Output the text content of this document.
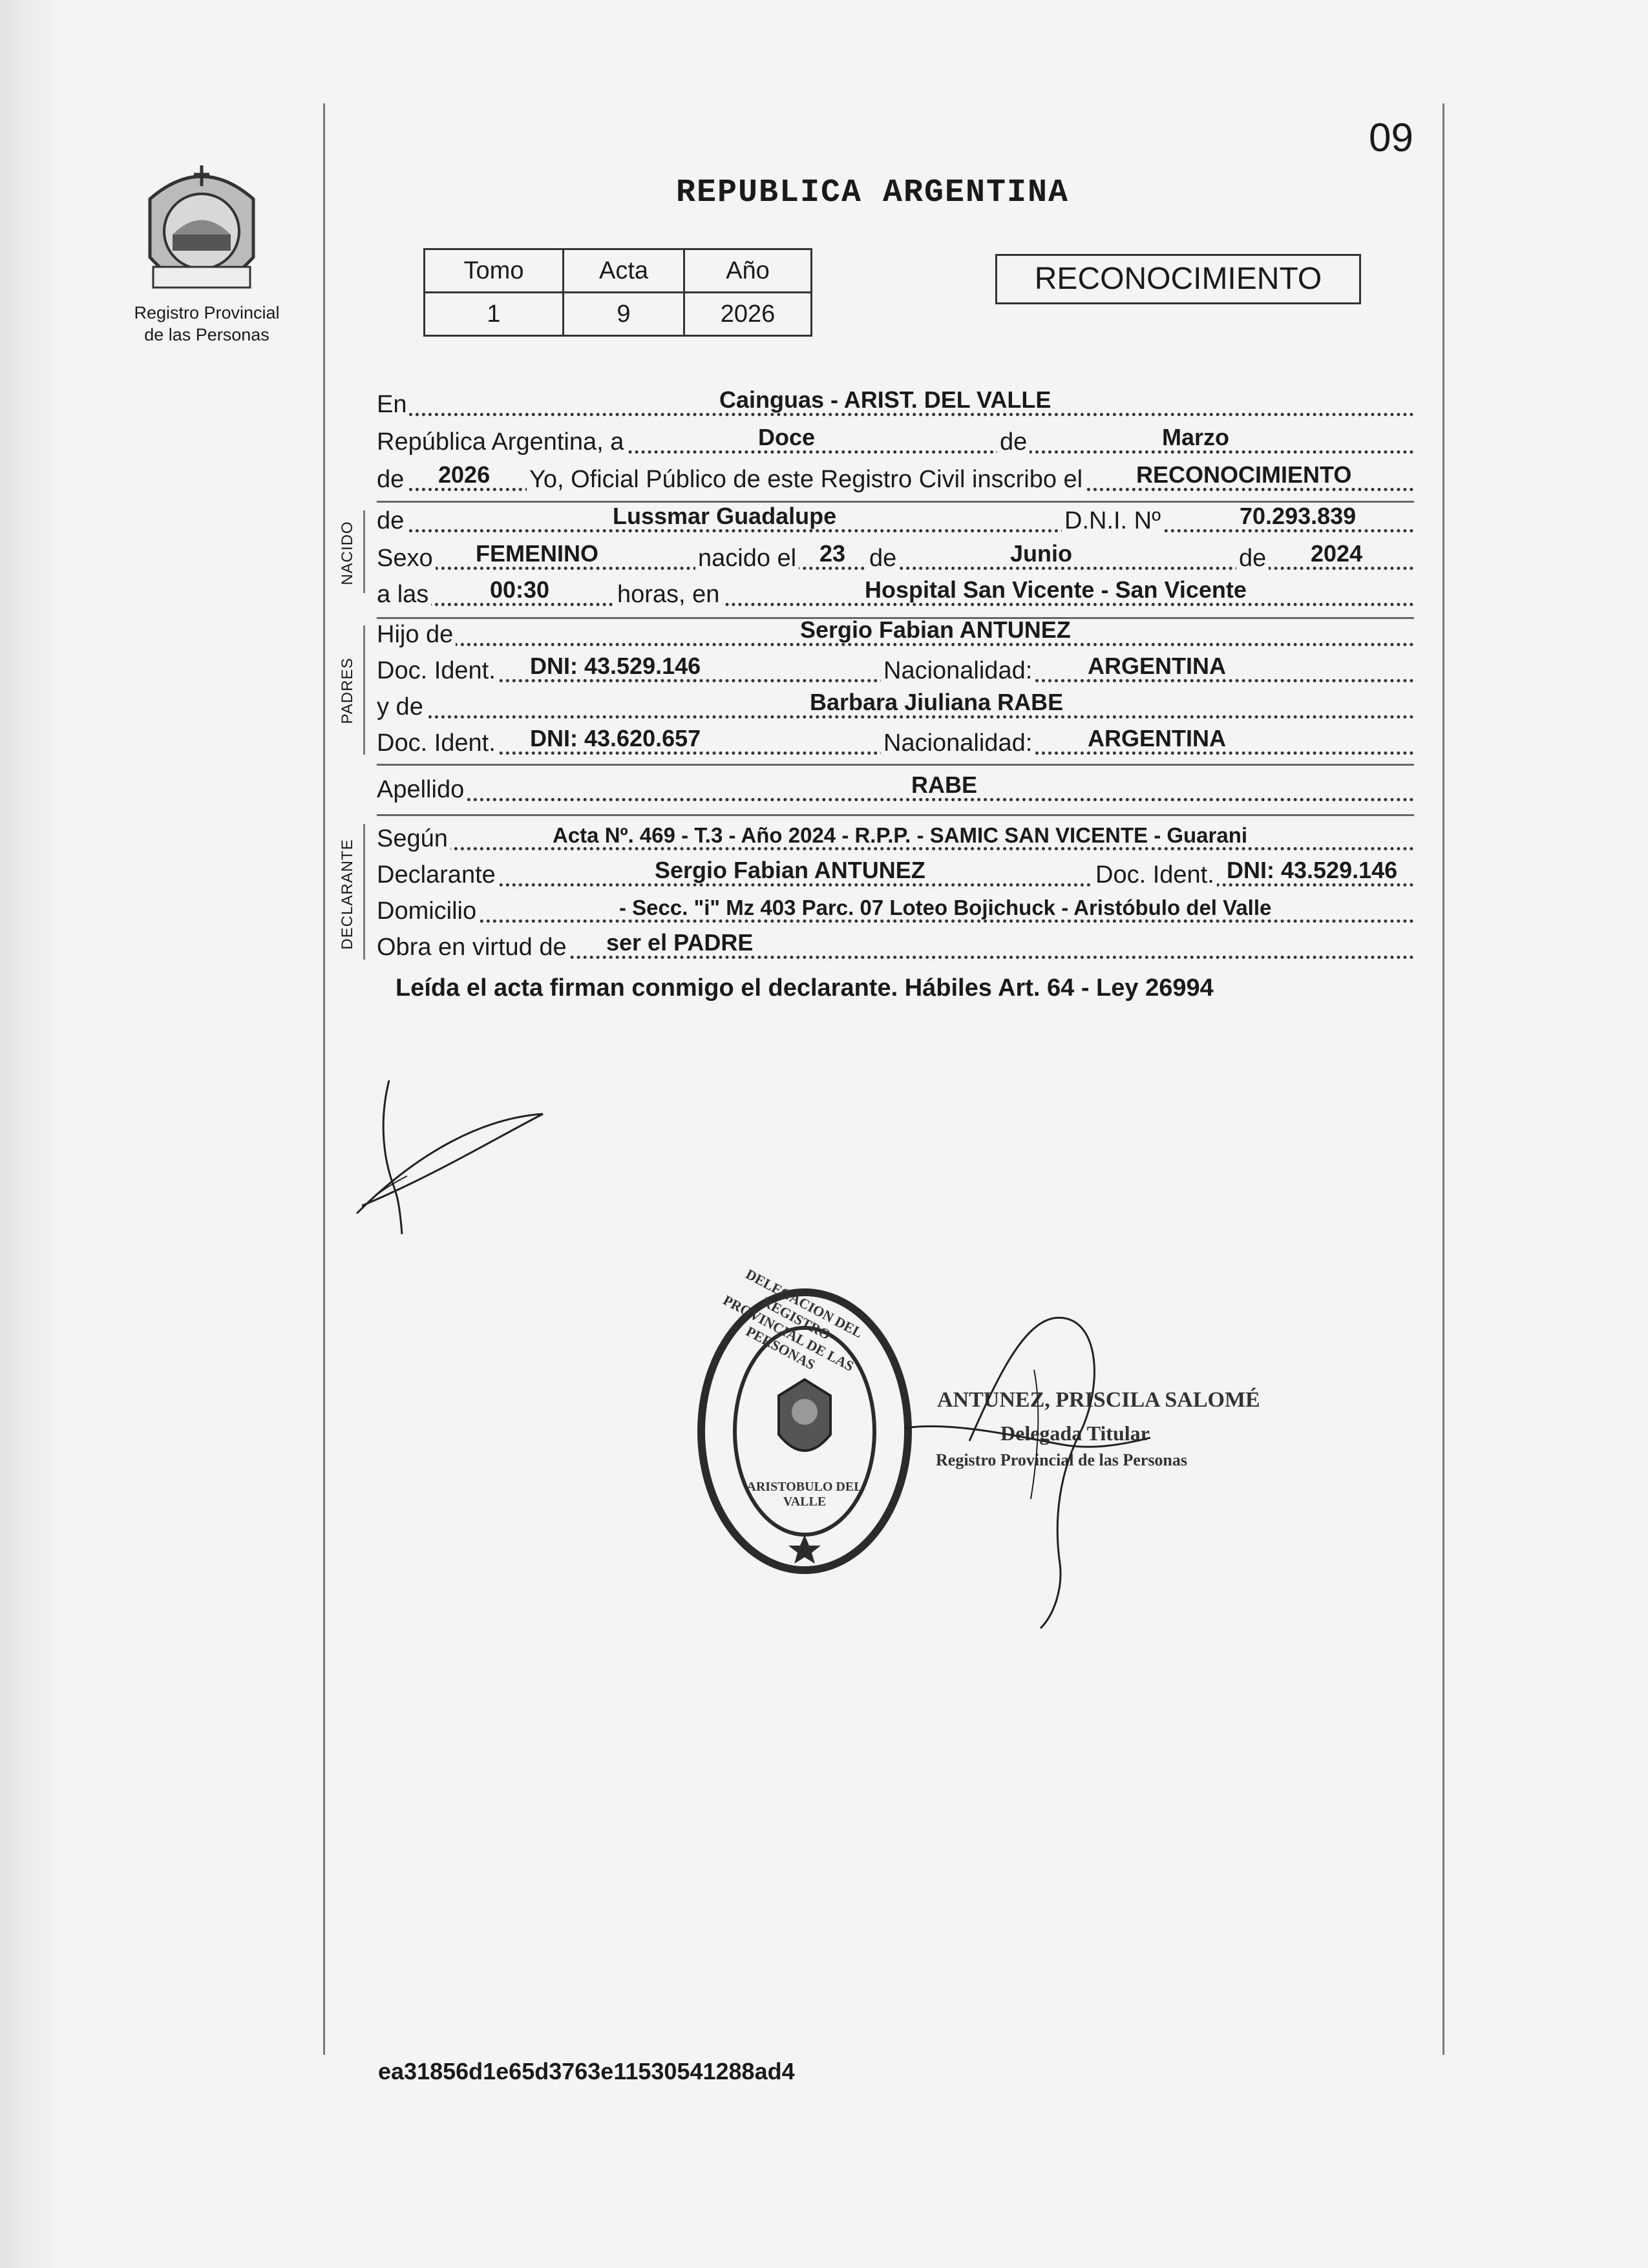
09
Registro Provincial
de las Personas
REPUBLICA ARGENTINA
Tomo	Acta	Año
1	9	2026
RECONOCIMIENTO
En	Cainguas - ARIST. DEL VALLE
República Argentina, a	Doce	de	Marzo
de 2026 Yo, Oficial Público de este Registro Civil inscribo el RECONOCIMIENTO
NACIDO
de	Lussmar Guadalupe	D.N.I. Nº	70.293.839
Sexo FEMENINO	nacido el 23 de	Junio	de 2024
a las	00:30	horas, en	Hospital San Vicente - San Vicente
PADRES
Hijo de	Sergio Fabian ANTUNEZ
Doc. Ident. DNI: 43.529.146	Nacionalidad: ARGENTINA
y de	Barbara Jiuliana RABE
Doc. Ident. DNI: 43.620.657	Nacionalidad: ARGENTINA
Apellido	RABE
DECLARANTE
Según	Acta Nº. 469 - T.3 - Año 2024 - R.P.P. - SAMIC SAN VICENTE - Guarani
Declarante	Sergio Fabian ANTUNEZ	Doc. Ident. DNI: 43.529.146
Domicilio	- Secc. "i" Mz 403 Parc. 07 Loteo Bojichuck - Aristóbulo del Valle
Obra en virtud de ser el PADRE
Leída el acta firman conmigo el declarante. Hábiles Art. 64 - Ley 26994
DELEGACION DEL REGISTRO PROVINCIAL DE LAS PERSONAS
ARISTOBULO DEL VALLE
ANTUNEZ, PRISCILA SALOMÉ
Delegada Titular
Registro Provincial de las Personas
ea31856d1e65d3763e11530541288ad4
